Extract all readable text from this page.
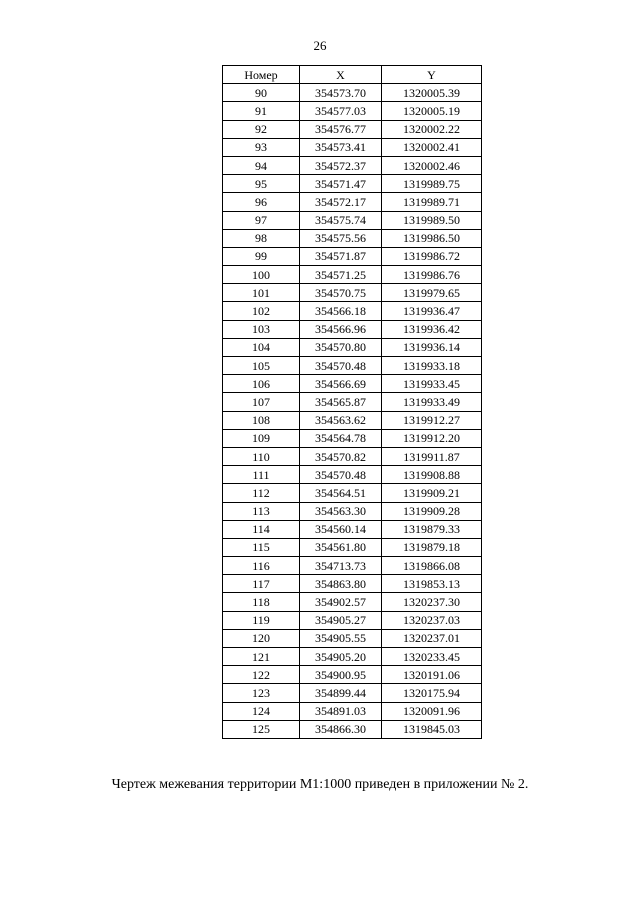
26
Номер	X	Y
90	354573.70	1320005.39
91	354577.03	1320005.19
92	354576.77	1320002.22
93	354573.41	1320002.41
94	354572.37	1320002.46
95	354571.47	1319989.75
96	354572.17	1319989.71
97	354575.74	1319989.50
98	354575.56	1319986.50
99	354571.87	1319986.72
100	354571.25	1319986.76
101	354570.75	1319979.65
102	354566.18	1319936.47
103	354566.96	1319936.42
104	354570.80	1319936.14
105	354570.48	1319933.18
106	354566.69	1319933.45
107	354565.87	1319933.49
108	354563.62	1319912.27
109	354564.78	1319912.20
110	354570.82	1319911.87
111	354570.48	1319908.88
112	354564.51	1319909.21
113	354563.30	1319909.28
114	354560.14	1319879.33
115	354561.80	1319879.18
116	354713.73	1319866.08
117	354863.80	1319853.13
118	354902.57	1320237.30
119	354905.27	1320237.03
120	354905.55	1320237.01
121	354905.20	1320233.45
122	354900.95	1320191.06
123	354899.44	1320175.94
124	354891.03	1320091.96
125	354866.30	1319845.03
Чертеж межевания территории М1:1000 приведен в приложении № 2.
